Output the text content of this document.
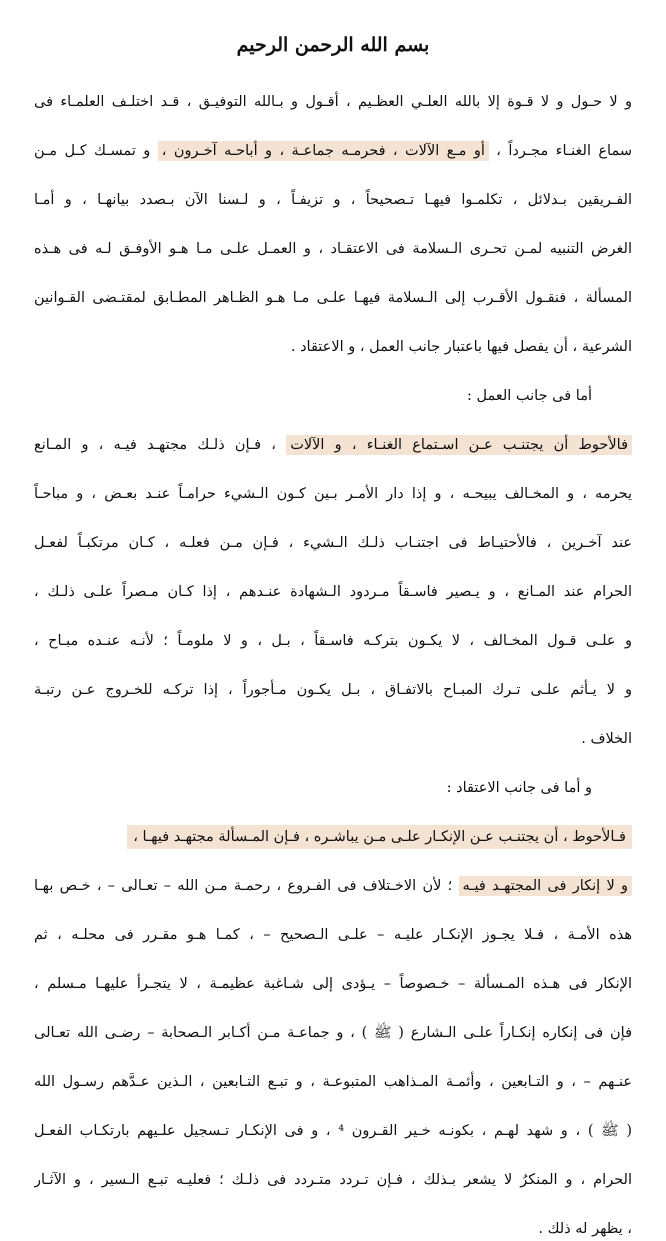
بسم الله الرحمن الرحيم
و لا حـول و لا قـوة إلا بالله العلـي العظـيم ، أقـول و بـالله التوفيـق ، قـد اختلـف العلمـاء فى
سماع الغنـاء مجـرداً ، أو مـع الآلات ، فحرمـه جماعـة ، و أباحـه آخـرون ، و تمسـك كـل مـن
الفـريقين بـدلائل ، تكلمـوا فيهـا تـصحيحاً ، و تزيفـاً ، و لـسنا الآن بـصدد بيانهـا ، و أمـا
الغرض التنبيه لمـن تحـرى الـسلامة فى الاعتقـاد ، و العمـل علـى مـا هـو الأوفـق لـه فى هـذه
المسألة ، فنقـول الأقـرب إلى الـسلامة فيهـا علـى مـا هـو الظـاهر المطـابق لمقتـضى القـوانين
الشرعية ، أن يفصل فيها باعتبار جانب العمل ، و الاعتقاد .
أما فى جانب العمل :
فالأحوط أن يجتنـب عـن اسـتماع الغنـاء ، و الآلات ، فـإن ذلـك مجتهـد فيـه ، و المـانع
يحرمه ، و المخـالف يبيحـه ، و إذا دار الأمـر بـين كـون الـشيء حرامـاً عنـد بعـض ، و مباحـاً
عند آخـرين ، فالأحتيـاط فى اجتنـاب ذلـك الـشيء ، فـإن مـن فعلـه ، كـان مرتكبـاً لفعـل
الحرام عند المـانع ، و يـصير فاسـقاً مـردود الـشهادة عنـدهم ، إذا كـان مـصراً علـى ذلـك ،
و علـى قـول المخـالف ، لا يكـون بتركـه فاسـقاً ، بـل ، و لا ملومـاً ؛ لأنـه عنـده مبـاح ،
و لا يـأثم علـى تـرك المبـاح بالاتفـاق ، بـل يكـون مـأجوراً ، إذا تركـه للخـروج عـن رتبـة
الخلاف .
و أما فى جانب الاعتقاد :
فـالأحوط ، أن يجتنـب عـن الإنكـار علـى مـن يباشـره ، فـإن المـسألة مجتهـد فيهـا ،
و لا إنكار فى المجتهـد فيـه ؛ لأن الاخـتلاف فى الفـروع ، رحمـة مـن الله – تعـالى – ، خـص بهـا
هذه الأمـة ، فـلا يجـوز الإنكـار عليـه – علـى الـصحيح – ، كمـا هـو مقـرر فى محلـه ، ثم
الإنكار فى هـذه المـسألة – خـصوصاً – يـؤدى إلى شـاغبة عظيمـة ، لا يتجـرأ عليهـا مـسلم ،
فإن فى إنكاره إنكـاراً علـى الـشارع ( ﷺ ) ، و جماعـة مـن أكـابر الـصحابة – رضـى الله تعـالى
عنـهم – ، و التـابعين ، وأئمـة المـذاهب المتبوعـة ، و تبـع التـابعين ، الـذين عـدَّهم رسـول الله
( ﷺ ) ، و شهد لهـم ، بكونـه خـير القـرون ⁴ ، و فى الإنكـار تـسجيل علـيهم بارتكـاب الفعـل
الحرام ، و المنكرُ لا يشعر بـذلك ، فـإن تـردد متـردد فى ذلـك ؛ فعليـه تبـع الـسير ، و الآثـار
، يظهر له ذلك .
